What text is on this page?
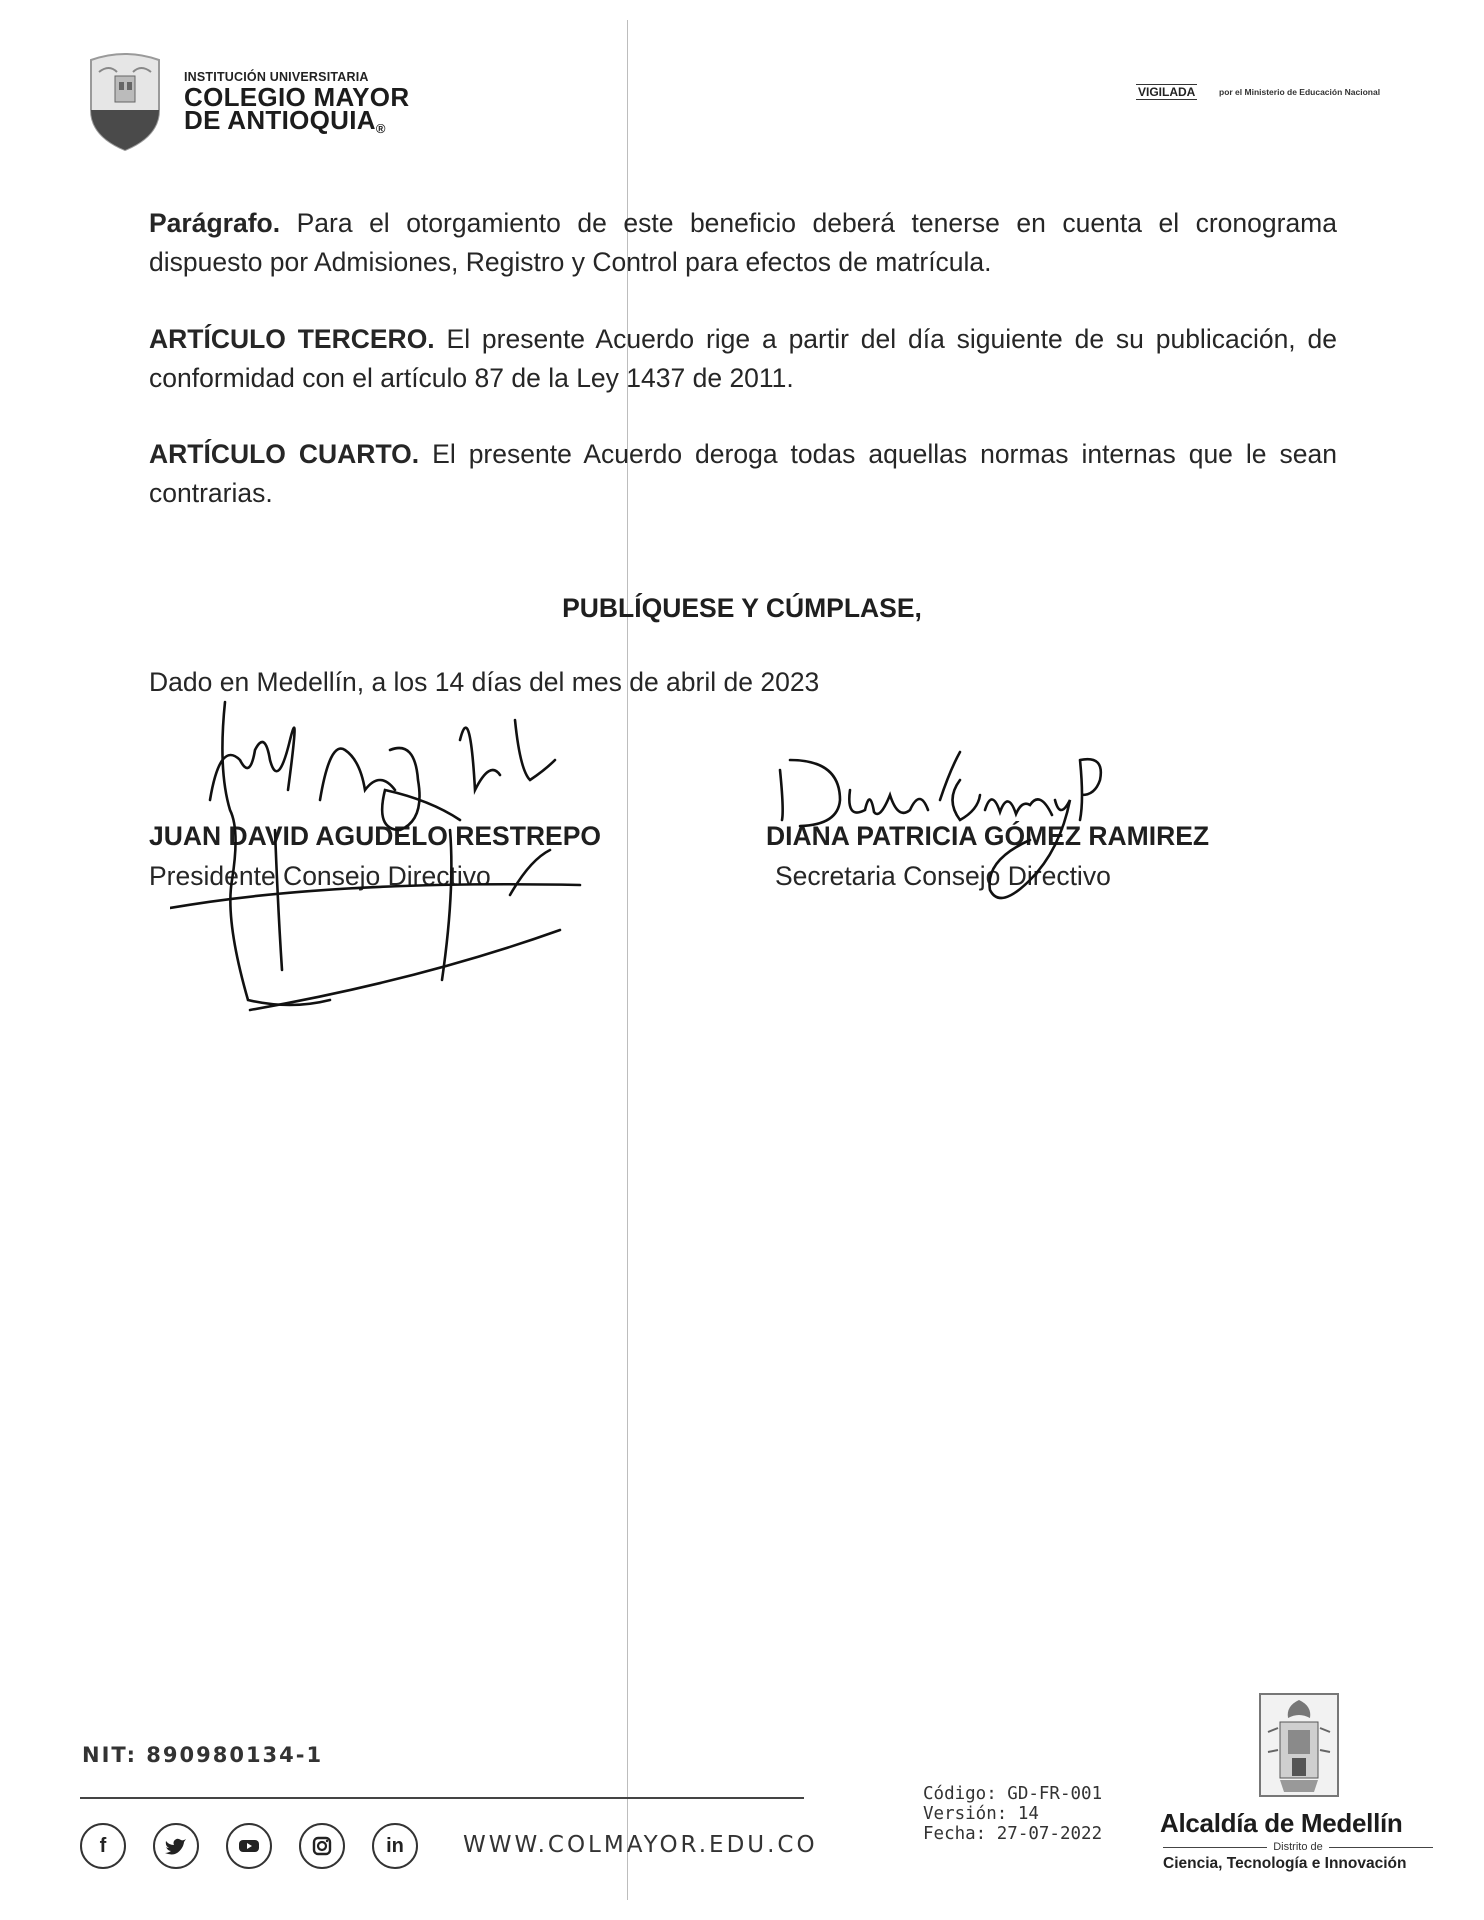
INSTITUCIÓN UNIVERSITARIA
COLEGIO MAYOR
DE ANTIOQUIA®
VIGILADA	por el Ministerio de Educación Nacional
Parágrafo. Para el otorgamiento de este beneficio deberá tenerse en cuenta el cronograma dispuesto por Admisiones, Registro y Control para efectos de matrícula.
ARTÍCULO TERCERO. El presente Acuerdo rige a partir del día siguiente de su publicación, de conformidad con el artículo 87 de la Ley 1437 de 2011.
ARTÍCULO CUARTO. El presente Acuerdo deroga todas aquellas normas internas que le sean contrarias.
PUBLÍQUESE Y CÚMPLASE,
Dado en Medellín, a los 14 días del mes de abril de 2023
JUAN DAVID AGUDELO RESTREPO
Presidente Consejo Directivo
DIANA PATRICIA GÓMEZ RAMIREZ
Secretaria Consejo Directivo
NIT: 890980134-1
f	in	WWW.COLMAYOR.EDU.CO
Código: GD-FR-001
Versión: 14
Fecha: 27-07-2022 Alcaldía de Medellín
Distrito de
Ciencia, Tecnología e Innovación
